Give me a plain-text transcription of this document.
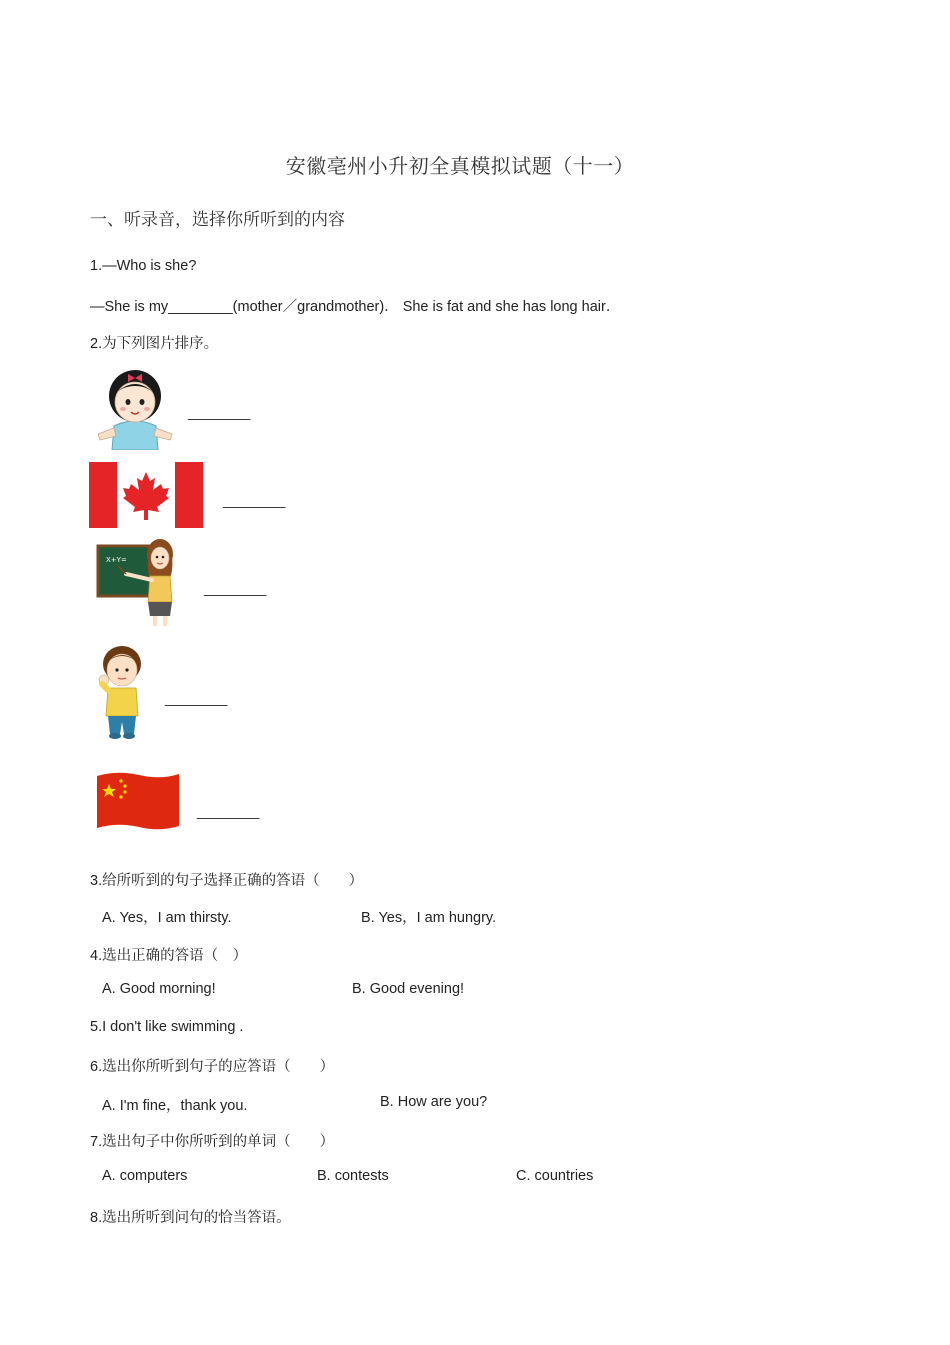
安徽亳州小升初全真模拟试题（十一）
一、听录音，选择你所听到的内容
1.—Who is she?
—She is my________(mother／grandmother)． She is fat and she has long hair．
2.为下列图片排序。
________
________
X+Y=
________
________
________
3.给所听到的句子选择正确的答语（　　）
A. Yes，I am thirsty.	B. Yes，I am hungry.
4.选出正确的答语（　）
A. Good morning!	B. Good evening!
5.I don't like swimming .
6.选出你所听到句子的应答语（　　）
A. I'm fine，thank you.	B. How are you?
7.选出句子中你所听到的单词（　　）
A. computers	B. contests	C. countries
8.选出所听到问句的恰当答语。
